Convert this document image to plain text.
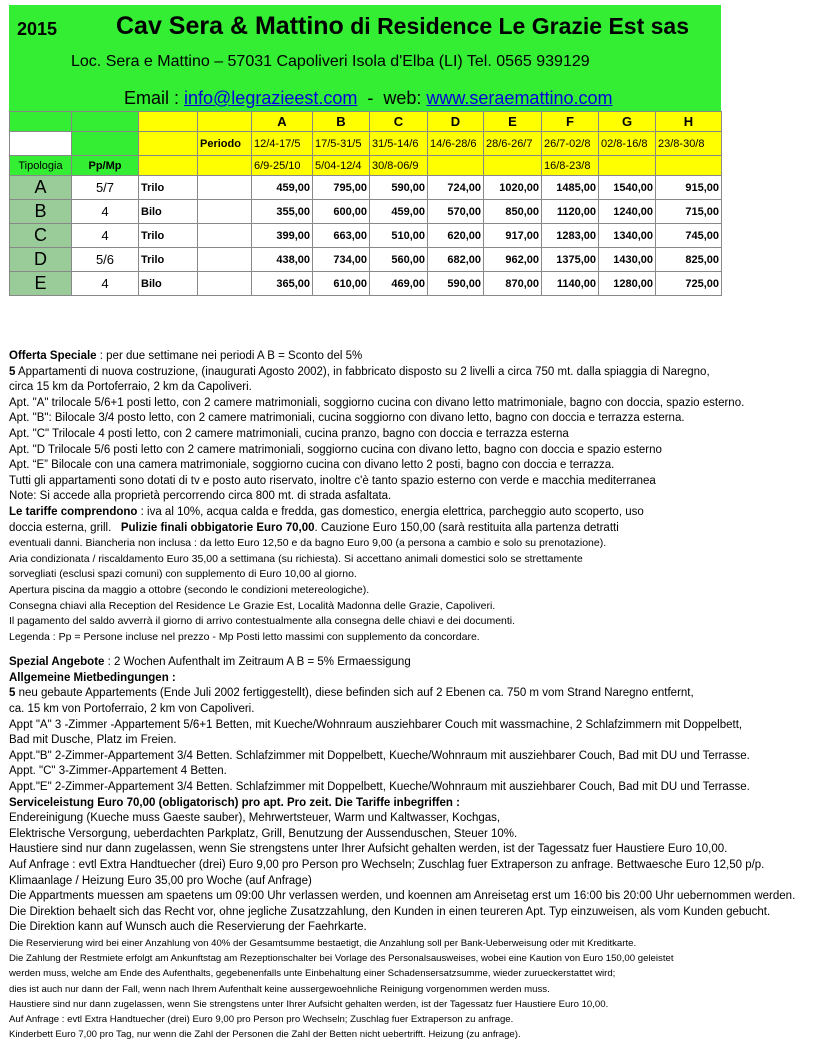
2015 Cav Sera & Mattino di Residence Le Grazie Est sas
Loc. Sera e Mattino – 57031 Capoliveri Isola d'Elba (LI) Tel. 0565 939129
Email : info@legrazieest.com  -  web: www.seraemattino.com
				A	B	C	D	E	F	G	H
			Periodo	12/4-17/5	17/5-31/5	31/5-14/6	14/6-28/6	28/6-26/7	26/7-02/8	02/8-16/8	23/8-30/8
Tipologia	Pp/Mp			6/9-25/10	5/04-12/4	30/8-06/9			16/8-23/8		
A	5/7	Trilo		459,00	795,00	590,00	724,00	1020,00	1485,00	1540,00	915,00
B	4	Bilo		355,00	600,00	459,00	570,00	850,00	1120,00	1240,00	715,00
C	4	Trilo		399,00	663,00	510,00	620,00	917,00	1283,00	1340,00	745,00
D	5/6	Trilo		438,00	734,00	560,00	682,00	962,00	1375,00	1430,00	825,00
E	4	Bilo		365,00	610,00	469,00	590,00	870,00	1140,00	1280,00	725,00

Offerta Speciale : per due settimane nei periodi A B = Sconto del 5%

5 Appartamenti di nuova costruzione, (inaugurati Agosto 2002), in fabbricato disposto su 2 livelli a circa 750 mt. dalla spiaggia di Naregno,

circa 15 km da Portoferraio, 2 km da Capoliveri.

Apt. "A" trilocale 5/6+1 posti letto, con 2 camere matrimoniali, soggiorno cucina con divano letto matrimoniale, bagno con doccia, spazio esterno.

Apt. "B": Bilocale 3/4 posto letto, con 2 camere matrimoniali, cucina soggiorno con divano letto, bagno con doccia e terrazza esterna.

Apt. "C" Trilocale 4 posti letto, con 2 camere matrimoniali, cucina pranzo, bagno con doccia e terrazza esterna

Apt. "D Trilocale 5/6 posti letto con 2 camere matrimoniali, soggiorno cucina con divano letto, bagno con doccia e spazio esterno

Apt. “E” Bilocale con una camera matrimoniale, soggiorno cucina con divano letto 2 posti, bagno con doccia e terrazza.

Tutti gli appartamenti sono dotati di tv e posto auto riservato, inoltre c'è tanto spazio esterno con verde e macchia mediterranea

Note: Si accede alla proprietà percorrendo circa 800 mt. di strada asfaltata.

Le tariffe comprendono : iva al 10%, acqua calda e fredda, gas domestico, energia elettrica, parcheggio auto scoperto, uso

doccia esterna, grill.   Pulizie finali obbigatorie Euro 70,00. Cauzione Euro 150,00 (sarà restituita alla partenza detratti

eventuali danni. Biancheria non inclusa : da letto Euro 12,50 e da bagno Euro 9,00 (a persona a cambio e solo su prenotazione).

Aria condizionata / riscaldamento Euro 35,00 a settimana (su richiesta). Si accettano animali domestici solo se strettamente

sorvegliati (esclusi spazi comuni) con supplemento di Euro 10,00 al giorno.

Apertura piscina da maggio a ottobre (secondo le condizioni metereologiche).

Consegna chiavi alla Reception del Residence Le Grazie Est, Località Madonna delle Grazie, Capoliveri.

Il pagamento del saldo avverrà il giorno di arrivo contestualmente alla consegna delle chiavi e dei documenti.

Legenda : Pp = Persone incluse nel prezzo - Mp Posti letto massimi con supplemento da concordare.

Spezial Angebote : 2 Wochen Aufenthalt im Zeitraum A B = 5% Ermaessigung

Allgemeine Mietbedingungen :

5 neu gebaute Appartements (Ende Juli 2002 fertiggestellt), diese befinden sich auf 2 Ebenen ca. 750 m vom Strand Naregno entfernt,

ca. 15 km von Portoferraio, 2 km von Capoliveri.

Appt "A" 3 -Zimmer -Appartement 5/6+1 Betten, mit Kueche/Wohnraum ausziehbarer Couch mit wassmachine, 2 Schlafzimmern mit Doppelbett,

Bad mit Dusche, Platz im Freien.

Appt."B" 2-Zimmer-Appartement 3/4 Betten. Schlafzimmer mit Doppelbett, Kueche/Wohnraum mit ausziehbarer Couch, Bad mit DU und Terrasse.

Appt. "C" 3-Zimmer-Appartement 4 Betten.

Appt."E" 2-Zimmer-Appartement 3/4 Betten. Schlafzimmer mit Doppelbett, Kueche/Wohnraum mit ausziehbarer Couch, Bad mit DU und Terrasse.

Serviceleistung Euro 70,00 (obligatorisch) pro apt. Pro zeit. Die Tariffe inbegriffen :

Endereinigung (Kueche muss Gaeste sauber), Mehrwertsteuer, Warm und Kaltwasser, Kochgas,

Elektrische Versorgung, ueberdachten Parkplatz, Grill, Benutzung der Aussenduschen, Steuer 10%.

Haustiere sind nur dann zugelassen, wenn Sie strengstens unter Ihrer Aufsicht gehalten werden, ist der Tagessatz fuer Haustiere Euro 10,00.

Auf Anfrage : evtl Extra Handtuecher (drei) Euro 9,00 pro Person pro Wechseln; Zuschlag fuer Extraperson zu anfrage. Bettwaesche Euro 12,50 p/p.

Klimaanlage / Heizung Euro 35,00 pro Woche (auf Anfrage)

Die Appartments muessen am spaetens um 09:00 Uhr verlassen werden, und koennen am Anreisetag erst um 16:00 bis 20:00 Uhr uebernommen werden.

Die Direktion behaelt sich das Recht vor, ohne jegliche Zusatzzahlung, den Kunden in einen teureren Apt. Typ einzuweisen, als vom Kunden gebucht.

Die Direktion kann auf Wunsch auch die Reservierung der Faehrkarte.

Die Reservierung wird bei einer Anzahlung von 40% der Gesamtsumme bestaetigt, die Anzahlung soll per Bank-Ueberweisung oder mit Kreditkarte.

Die Zahlung der Restmiete erfolgt am Ankunftstag am Rezeptionschalter bei Vorlage des Personalsausweises, wobei eine Kaution von Euro 150,00 geleistet

werden muss, welche am Ende des Aufenthalts, gegebenenfalls unte Einbehaltung einer Schadensersatzsumme, wieder zurueckerstattet wird;

dies ist auch nur dann der Fall, wenn nach Ihrem Aufenthalt keine aussergewoehnliche Reinigung vorgenommen werden muss.

Haustiere sind nur dann zugelassen, wenn Sie strengstens unter Ihrer Aufsicht gehalten werden, ist der Tagessatz fuer Haustiere Euro 10,00.

Auf Anfrage : evtl Extra Handtuecher (drei) Euro 9,00 pro Person pro Wechseln; Zuschlag fuer Extraperson zu anfrage.

Kinderbett Euro 7,00 pro Tag, nur wenn die Zahl der Personen die Zahl der Betten nicht uebertrifft. Heizung (zu anfrage).
